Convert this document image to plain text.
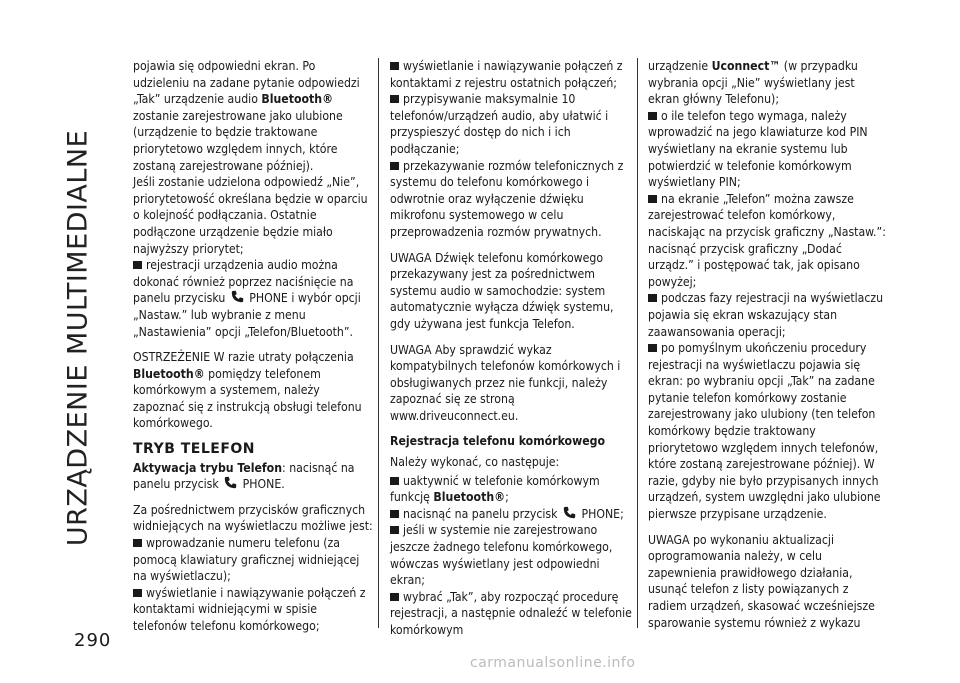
URZĄDZENIE MULTIMEDIALNE
290

pojawia się odpowiedni ekran. Po udzieleniu na zadane pytanie odpowiedzi „Tak” urządzenie audio Bluetooth® zostanie zarejestrowane jako ulubione (urządzenie to będzie traktowane priorytetowo względem innych, które zostaną zarejestrowane później).
Jeśli zostanie udzielona odpowiedź „Nie”, priorytetowość określana będzie w oparciu o kolejność podłączania. Ostatnie podłączone urządzenie będzie miało najwyższy priorytet;

rejestracji urządzenia audio można dokonać również poprzez naciśnięcie na panelu przycisku  PHONE i wybór opcji „Nastaw.” lub wybranie z menu „Nastawienia” opcji „Telefon/Bluetooth”.

OSTRZEŻENIE W razie utraty połączenia Bluetooth® pomiędzy telefonem komórkowym a systemem, należy zapoznać się z instrukcją obsługi telefonu komórkowego.

TRYB TELEFON

Aktywacja trybu Telefon: nacisnąć na panelu przycisk  PHONE.

Za pośrednictwem przycisków graficznych widniejących na wyświetlaczu możliwe jest:

wprowadzanie numeru telefonu (za pomocą klawiatury graficznej widniejącej na wyświetlaczu);

wyświetlanie i nawiązywanie połączeń z kontaktami widniejącymi w spisie telefonów telefonu komórkowego;

wyświetlanie i nawiązywanie połączeń z kontaktami z rejestru ostatnich połączeń;

przypisywanie maksymalnie 10 telefonów/urządzeń audio, aby ułatwić i przyspieszyć dostęp do nich i ich podłączanie;

przekazywanie rozmów telefonicznych z systemu do telefonu komórkowego i odwrotnie oraz wyłączenie dźwięku mikrofonu systemowego w celu przeprowadzenia rozmów prywatnych.

UWAGA Dźwięk telefonu komórkowego przekazywany jest za pośrednictwem systemu audio w samochodzie: system automatycznie wyłącza dźwięk systemu, gdy używana jest funkcja Telefon.

UWAGA Aby sprawdzić wykaz kompatybilnych telefonów komórkowych i obsługiwanych przez nie funkcji, należy zapoznać się ze stroną www.driveuconnect.eu.

Rejestracja telefonu komórkowego

Należy wykonać, co następuje:

uaktywnić w telefonie komórkowym funkcję Bluetooth®;

nacisnąć na panelu przycisk  PHONE;

jeśli w systemie nie zarejestrowano jeszcze żadnego telefonu komórkowego, wówczas wyświetlany jest odpowiedni ekran;

wybrać „Tak”, aby rozpocząć procedurę rejestracji, a następnie odnaleźć w telefonie komórkowym

urządzenie Uconnect™ (w przypadku wybrania opcji „Nie” wyświetlany jest ekran główny Telefonu);

o ile telefon tego wymaga, należy wprowadzić na jego klawiaturze kod PIN wyświetlany na ekranie systemu lub potwierdzić w telefonie komórkowym wyświetlany PIN;

na ekranie „Telefon” można zawsze zarejestrować telefon komórkowy, naciskając na przycisk graficzny „Nastaw.”: nacisnąć przycisk graficzny „Dodać urządz.” i postępować tak, jak opisano powyżej;

podczas fazy rejestracji na wyświetlaczu pojawia się ekran wskazujący stan zaawansowania operacji;

po pomyślnym ukończeniu procedury rejestracji na wyświetlaczu pojawia się ekran: po wybraniu opcji „Tak” na zadane pytanie telefon komórkowy zostanie zarejestrowany jako ulubiony (ten telefon komórkowy będzie traktowany priorytetowo względem innych telefonów, które zostaną zarejestrowane później). W razie, gdyby nie było przypisanych innych urządzeń, system uwzględni jako ulubione pierwsze przypisane urządzenie.

UWAGA po wykonaniu aktualizacji oprogramowania należy, w celu zapewnienia prawidłowego działania, usunąć telefon z listy powiązanych z radiem urządzeń, skasować wcześniejsze sparowanie systemu również z wykazu

carmanualsonline.info
